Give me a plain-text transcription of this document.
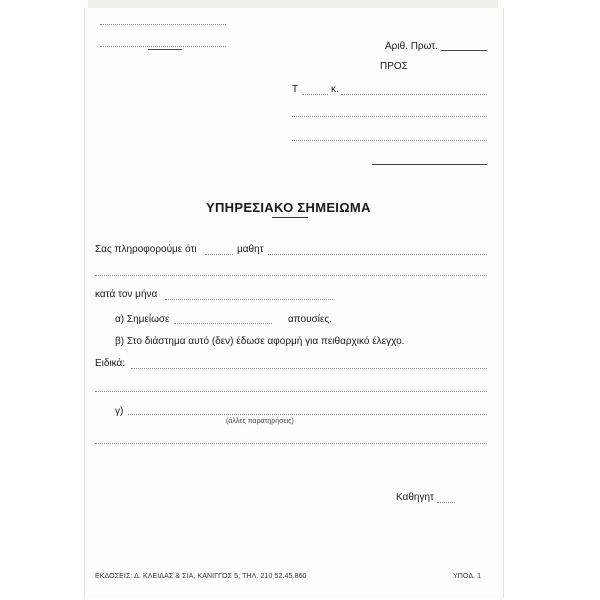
Αριθ. Πρωτ.
ΠΡΟΣ
Τ	κ.
ΥΠΗΡΕΣΙΑΚΟ ΣΗΜΕΙΩΜΑ
Σας πληροφορούμε ότι	μαθητ
κατά τον μήνα
α) Σημείωσε	απουσίες.
β) Στο διάστημα αυτό (δεν) έδωσε αφορμή για πειθαρχικό έλεγχο.
Ειδικά:
γ)
(άλλες παρατηρήσεις)
Καθηγητ
ΕΚΔΟΣΕΙΣ: Δ. ΚΛΕΙΔΑΣ & ΣΙΑ, ΚΑΝΙΓΓΟΣ 5, ΤΗΛ. 210 52.45.860	ΥΠΟΔ. 1
